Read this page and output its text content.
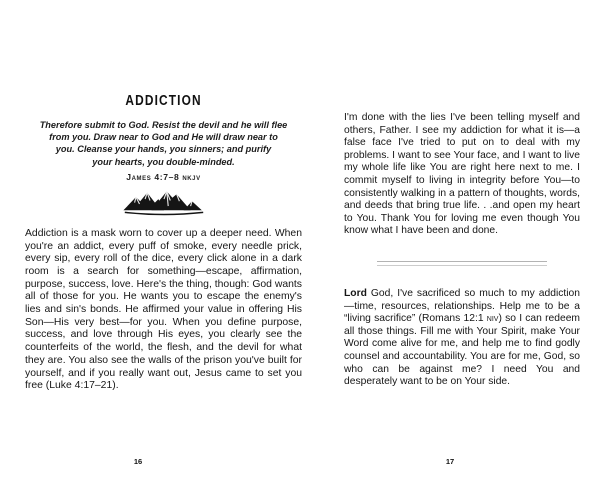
ADDICTION
Therefore submit to God. Resist the devil and he will flee
from you. Draw near to God and He will draw near to
you. Cleanse your hands, you sinners; and purify
your hearts, you double-minded.
James 4:7–8 nkjv
Addiction is a mask worn to cover up a deeper need. When you're an addict, every puff of smoke, every needle prick, every sip, every roll of the dice, every click alone in a dark room is a search for something—escape, affirmation, purpose, success, love. Here's the thing, though: God wants all of those for you. He wants you to escape the enemy's lies and sin's bonds. He affirmed your value in offering His Son—His very best—for you. When you define purpose, success, and love through His eyes, you clearly see the counterfeits of the world, the flesh, and the devil for what they are. You also see the walls of the prison you've built for yourself, and if you really want out, Jesus came to set you free (Luke 4:17–21).
I'm done with the lies I've been telling myself and others, Father. I see my addiction for what it is—a false face I've tried to put on to deal with my problems. I want to see Your face, and I want to live my whole life like You are right here next to me. I commit myself to living in integrity before You—to consistently walking in a pattern of thoughts, words, and deeds that bring true life. . .and open my heart to You. Thank You for loving me even though You know what I have been and done.
Lord God, I've sacrificed so much to my addiction—time, resources, relationships. Help me to be a “living sacrifice” (Romans 12:1 niv) so I can redeem all those things. Fill me with Your Spirit, make Your Word come alive for me, and help me to find godly counsel and accountability. You are for me, God, so who can be against me? I need You and desperately want to be on Your side.
16	17
